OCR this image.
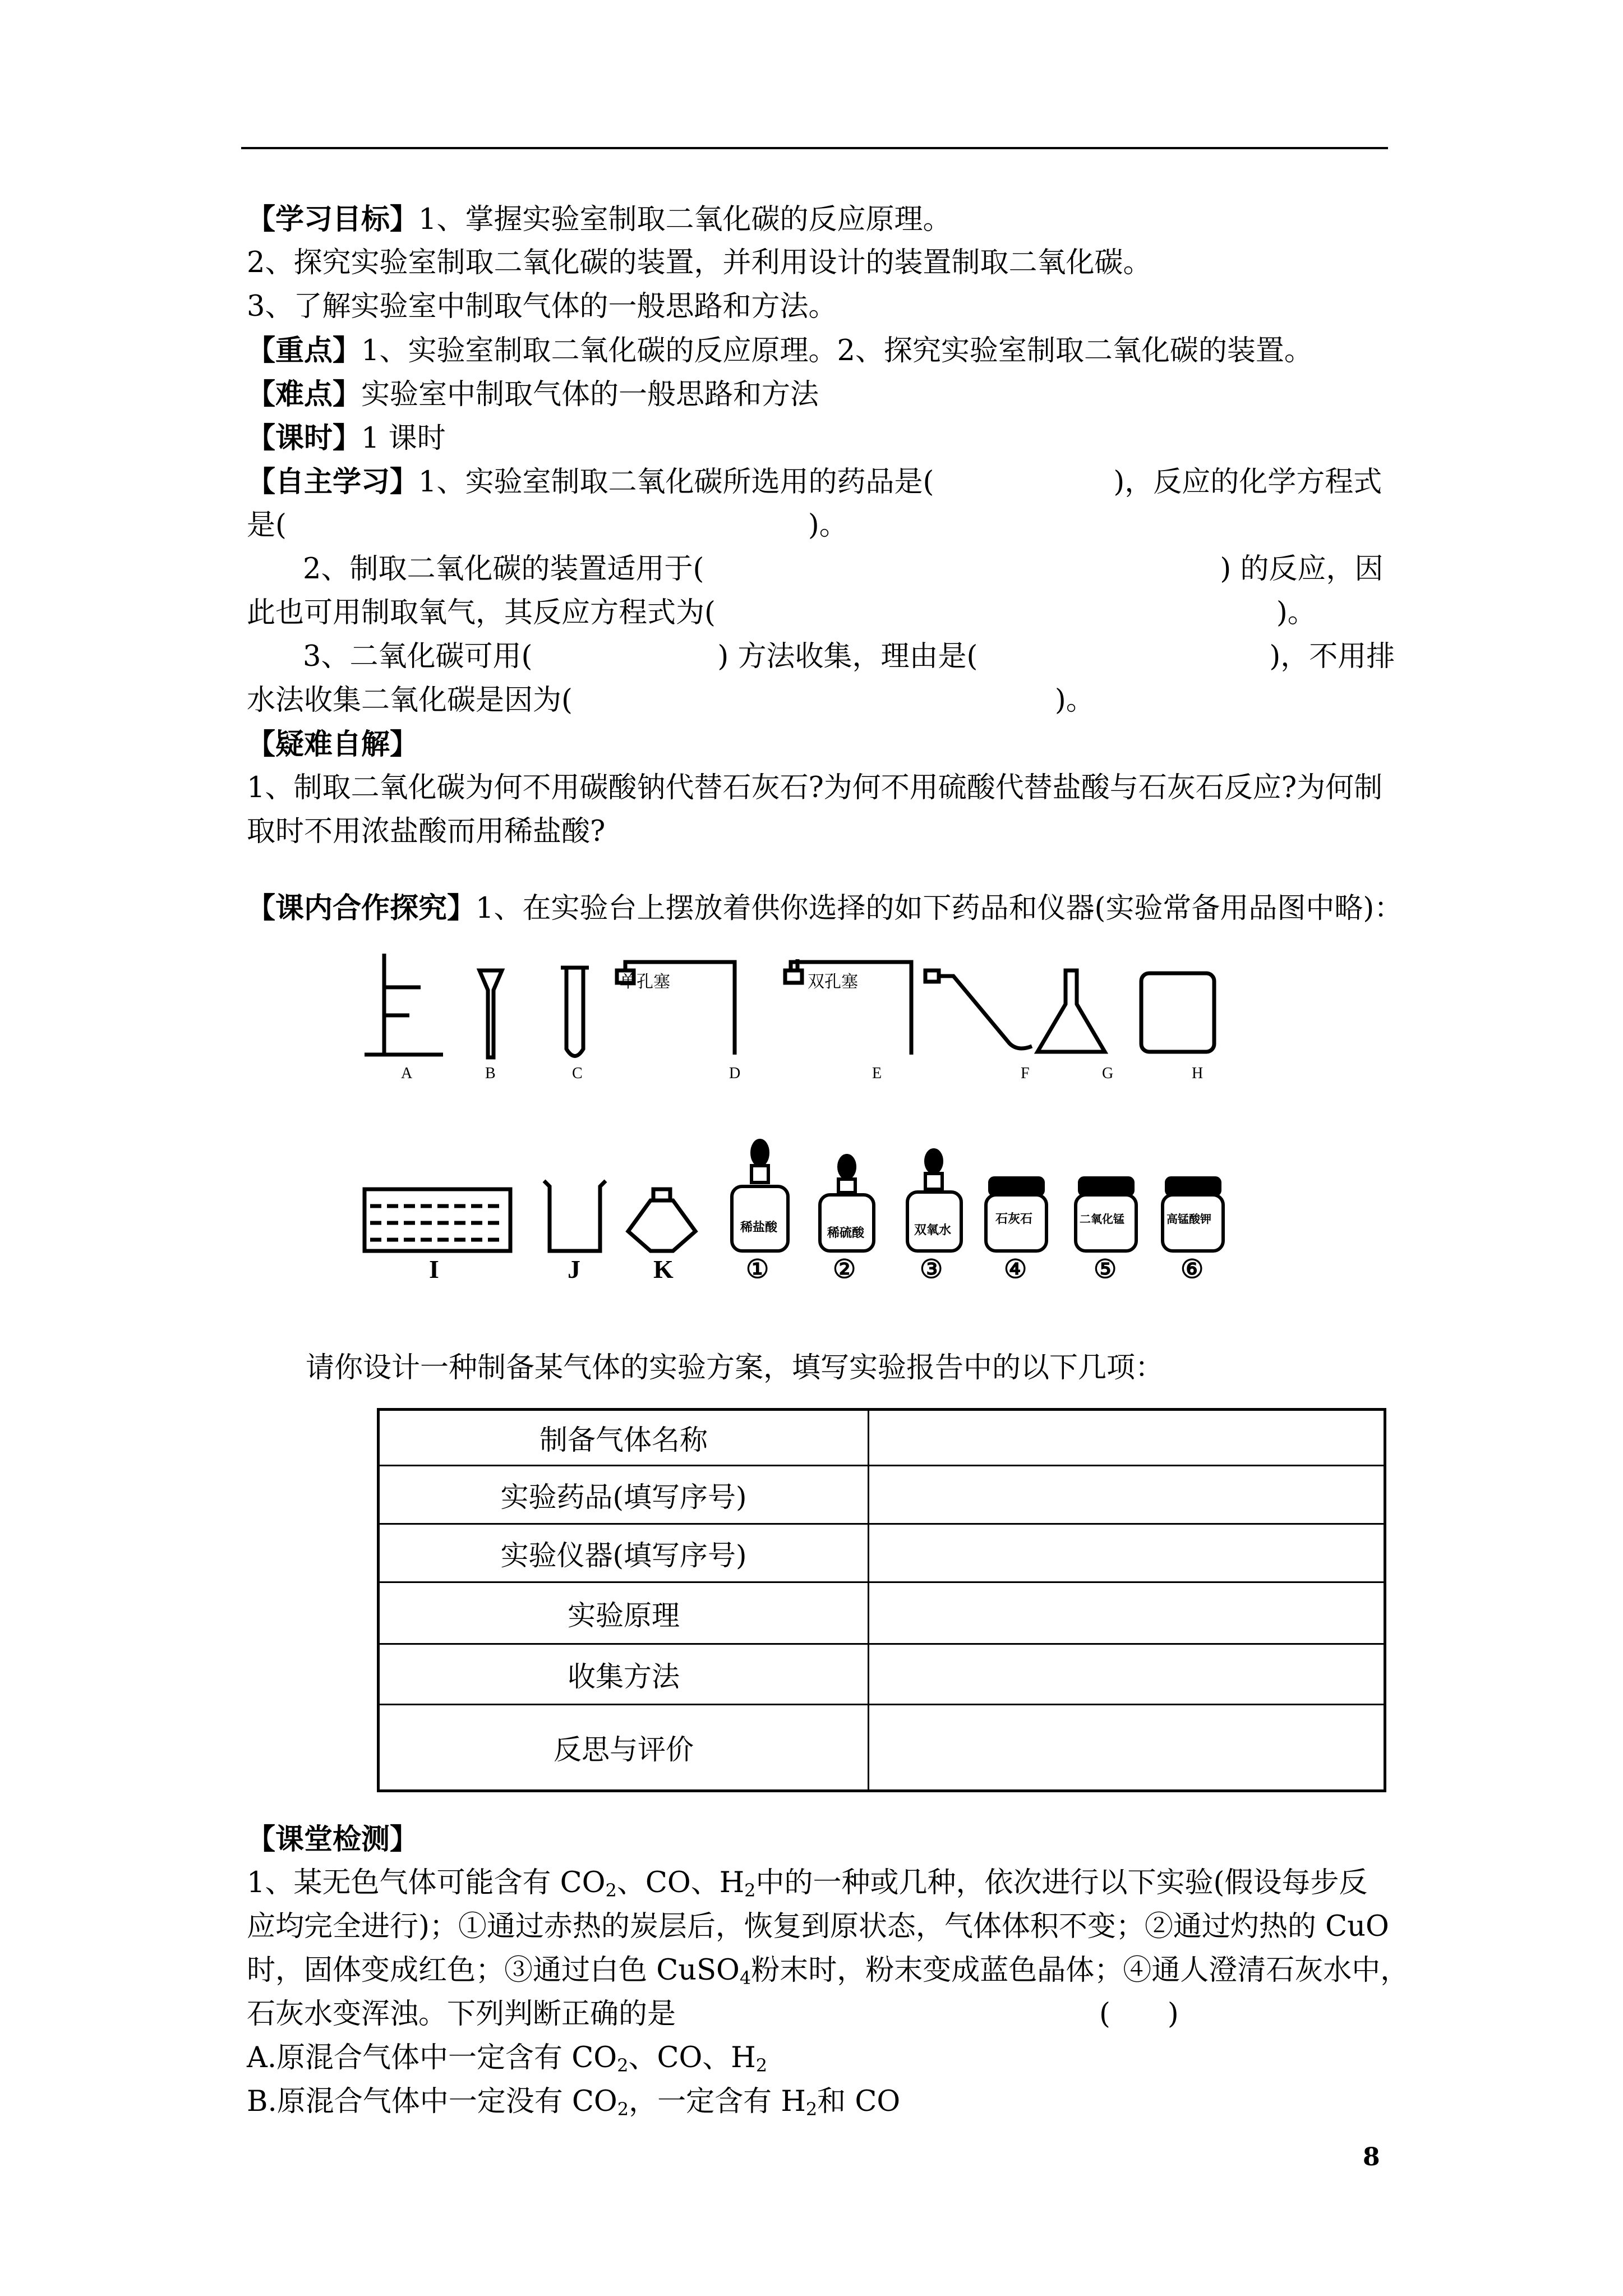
【学习目标】1、掌握实验室制取二氧化碳的反应原理。
2、探究实验室制取二氧化碳的装置，并利用设计的装置制取二氧化碳。
3、了解实验室中制取气体的一般思路和方法。
【重点】1、实验室制取二氧化碳的反应原理。2、探究实验室制取二氧化碳的装置。
【难点】实验室中制取气体的一般思路和方法
【课时】1 课时
【自主学习】1、实验室制取二氧化碳所选用的药品是(	)，反应的化学方程式
是(	)。
2、制取二氧化碳的装置适用于(	) 的反应，因
此也可用制取氧气，其反应方程式为(	)。
3、二氧化碳可用(	) 方法收集，理由是(	)，不用排
水法收集二氧化碳是因为(	)。
【疑难自解】
1、制取二氧化碳为何不用碳酸钠代替石灰石?为何不用硫酸代替盐酸与石灰石反应?为何制
取时不用浓盐酸而用稀盐酸?
【课内合作探究】1、在实验台上摆放着供你选择的如下药品和仪器(实验常备用品图中略)：
单孔塞	双孔塞
A	B	C	D	E	F	G	H
稀盐酸	稀硫酸	双氧水
石灰石	二氧化锰	高锰酸钾
I	J	K	① ② ③ ④	⑤ ⑥
请你设计一种制备某气体的实验方案，填写实验报告中的以下几项：
制备气体名称	
实验药品(填写序号)	
实验仪器(填写序号)	
实验原理	
收集方法	
反思与评价	
【课堂检测】
1、某无色气体可能含有 $CO_2$、CO、$H_2$中的一种或几种，依次进行以下实验(假设每步反
应均完全进行)；①通过赤热的炭层后，恢复到原状态，气体体积不变；②通过灼热的 CuO
时，固体变成红色；③通过白色 CuSO$_4$粉末时，粉末变成蓝色晶体；④通人澄清石灰水中，
石灰水变浑浊。下列判断正确的是	(　　)
A.原混合气体中一定含有 $CO_2$、CO、$H_2$
B.原混合气体中一定没有 $CO_2$，一定含有 $H_2$和 CO
8
